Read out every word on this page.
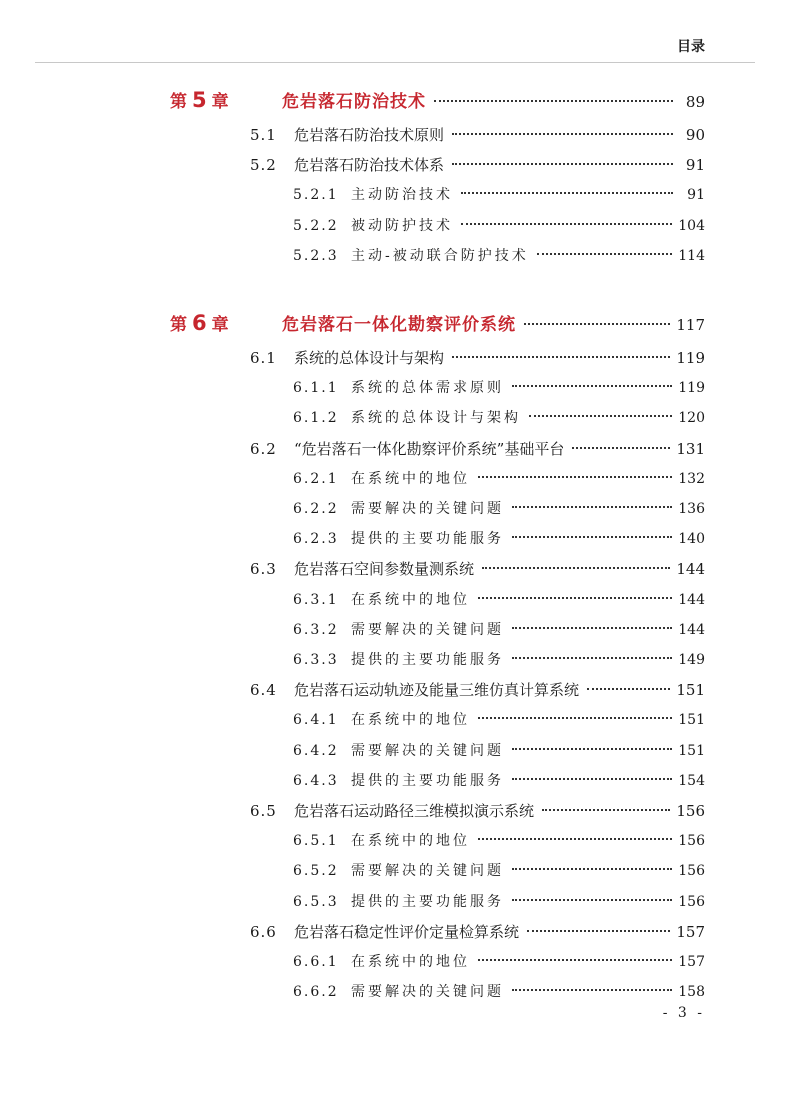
目录
第 5 章	危岩落石防治技术	89
5.1	危岩落石防治技术原则	90
5.2	危岩落石防治技术体系	91
5.2.1 主动防治技术	91
5.2.2 被动防护技术	104
5.2.3 主动-被动联合防护技术	114
第 6 章	危岩落石一体化勘察评价系统	117
6.1	系统的总体设计与架构	119
6.1.1 系统的总体需求原则	119
6.1.2 系统的总体设计与架构	120
6.2	“危岩落石一体化勘察评价系统”基础平台	131
6.2.1 在系统中的地位	132
6.2.2 需要解决的关键问题	136
6.2.3 提供的主要功能服务	140
6.3	危岩落石空间参数量测系统	144
6.3.1 在系统中的地位	144
6.3.2 需要解决的关键问题	144
6.3.3 提供的主要功能服务	149
6.4	危岩落石运动轨迹及能量三维仿真计算系统	151
6.4.1 在系统中的地位	151
6.4.2 需要解决的关键问题	151
6.4.3 提供的主要功能服务	154
6.5	危岩落石运动路径三维模拟演示系统	156
6.5.1 在系统中的地位	156
6.5.2 需要解决的关键问题	156
6.5.3 提供的主要功能服务	156
6.6	危岩落石稳定性评价定量检算系统	157
6.6.1 在系统中的地位	157
6.6.2 需要解决的关键问题	158
- 3 -
